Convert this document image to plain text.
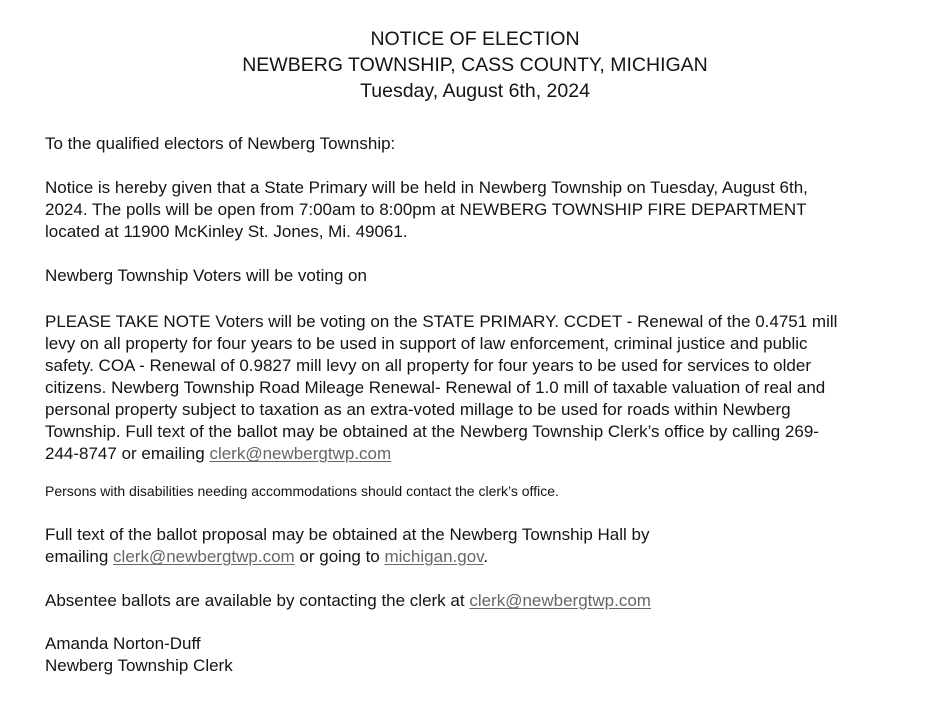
NOTICE OF ELECTION
NEWBERG TOWNSHIP, CASS COUNTY, MICHIGAN
Tuesday, August 6th, 2024
To the qualified electors of Newberg Township:
Notice is hereby given that a State Primary will be held in Newberg Township on Tuesday, August 6th,
2024. The polls will be open from 7:00am to 8:00pm at NEWBERG TOWNSHIP FIRE DEPARTMENT
located at 11900 McKinley St. Jones, Mi. 49061.
Newberg Township Voters will be voting on
PLEASE TAKE NOTE Voters will be voting on the STATE PRIMARY. CCDET - Renewal of the 0.4751 mill
levy on all property for four years to be used in support of law enforcement, criminal justice and public
safety. COA - Renewal of 0.9827 mill levy on all property for four years to be used for services to older
citizens. Newberg Township Road Mileage Renewal- Renewal of 1.0 mill of taxable valuation of real and
personal property subject to taxation as an extra-voted millage to be used for roads within Newberg
Township. Full text of the ballot may be obtained at the Newberg Township Clerk’s office by calling 269-
244-8747 or emailing clerk@newbergtwp.com
Persons with disabilities needing accommodations should contact the clerk’s office.
Full text of the ballot proposal may be obtained at the Newberg Township Hall by
emailing clerk@newbergtwp.com or going to michigan.gov.
Absentee ballots are available by contacting the clerk at clerk@newbergtwp.com
Amanda Norton-Duff
Newberg Township Clerk
